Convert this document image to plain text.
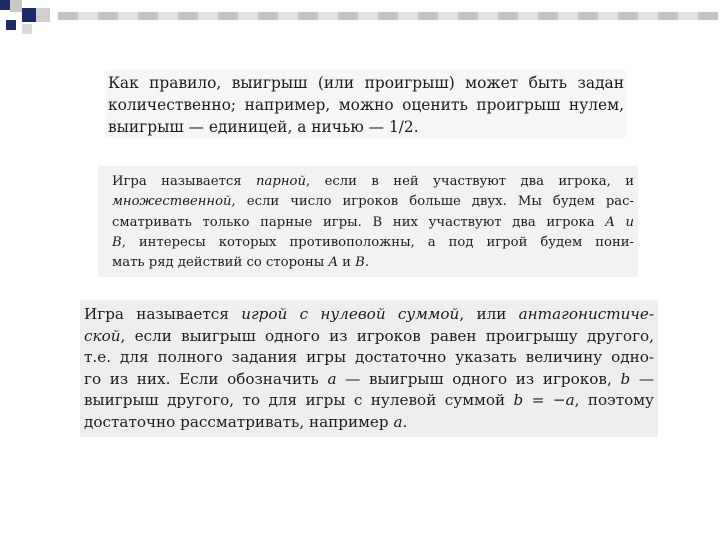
Как правило, выигрыш (или проигрыш) может быть задан
количественно; например, можно оценить проигрыш нулем,
выигрыш — единицей, а ничью — 1/2.
Игра называется парной, если в ней участвуют два игрока, и
множественной, если число игроков больше двух. Мы будем рас-
сматривать только парные игры. В них участвуют два игрока A и
B, интересы которых противоположны, а под игрой будем пони-
мать ряд действий со стороны A и B.
Игра называется игрой с нулевой суммой, или антагонистиче-
ской, если выигрыш одного из игроков равен проигрышу другого,
т.е. для полного задания игры достаточно указать величину одно-
го из них. Если обозначить a — выигрыш одного из игроков, b —
выигрыш другого, то для игры с нулевой суммой b = −a, поэтому
достаточно рассматривать, например a.
